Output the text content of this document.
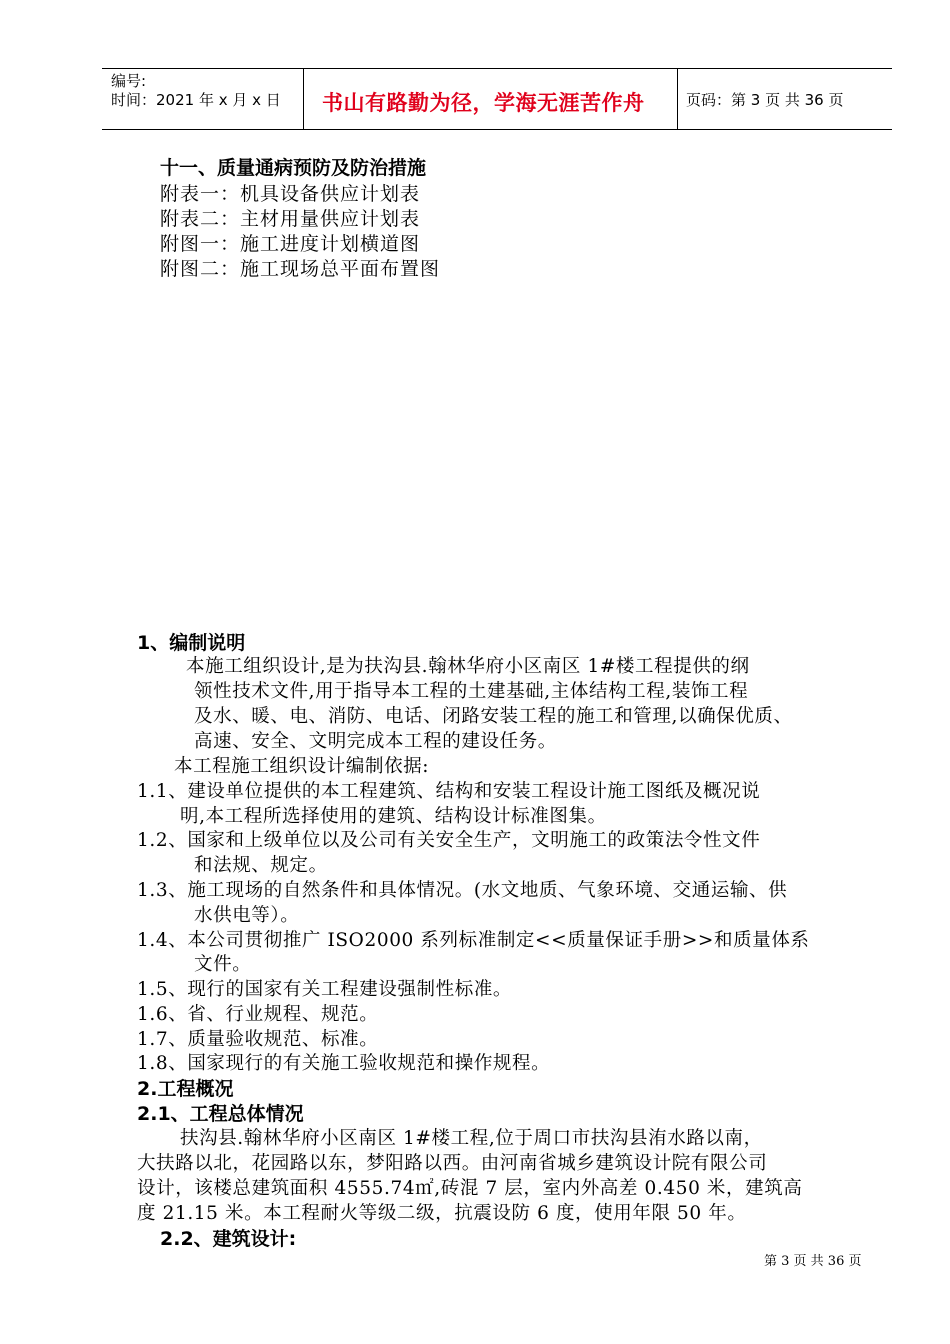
编号:
时间：2021 年 x 月 x 日 书山有路勤为径，学海无涯苦作舟	页码：第 3 页 共 36 页
十一、质量通病预防及防治措施
附表一：机具设备供应计划表
附表二：主材用量供应计划表
附图一：施工进度计划横道图
附图二：施工现场总平面布置图
1、编制说明
本施工组织设计,是为扶沟县.翰林华府小区南区 1#楼工程提供的纲
领性技术文件,用于指导本工程的土建基础,主体结构工程,装饰工程
及水、暖、电、消防、电话、闭路安装工程的施工和管理,以确保优质、
高速、安全、文明完成本工程的建设任务。
本工程施工组织设计编制依据:
1.1、建设单位提供的本工程建筑、结构和安装工程设计施工图纸及概况说
明,本工程所选择使用的建筑、结构设计标准图集。
1.2、国家和上级单位以及公司有关安全生产，文明施工的政策法令性文件
和法规、规定。
1.3、施工现场的自然条件和具体情况。(水文地质、气象环境、交通运输、供
水供电等）。
1.4、本公司贯彻推广 ISO2000 系列标准制定<<质量保证手册>>和质量体系
文件。
1.5、现行的国家有关工程建设强制性标准。
1.6、省、行业规程、规范。
1.7、质量验收规范、标准。
1.8、国家现行的有关施工验收规范和操作规程。
2.工程概况
2.1、工程总体情况
扶沟县.翰林华府小区南区 1#楼工程,位于周口市扶沟县洧水路以南，
大扶路以北，花园路以东，梦阳路以西。由河南省城乡建筑设计院有限公司
设计，该楼总建筑面积 4555.74㎡,砖混 7 层，室内外高差 0.450 米，建筑高
度 21.15 米。本工程耐火等级二级，抗震设防 6 度，使用年限 50 年。
2.2、建筑设计:
第 3 页 共 36 页
